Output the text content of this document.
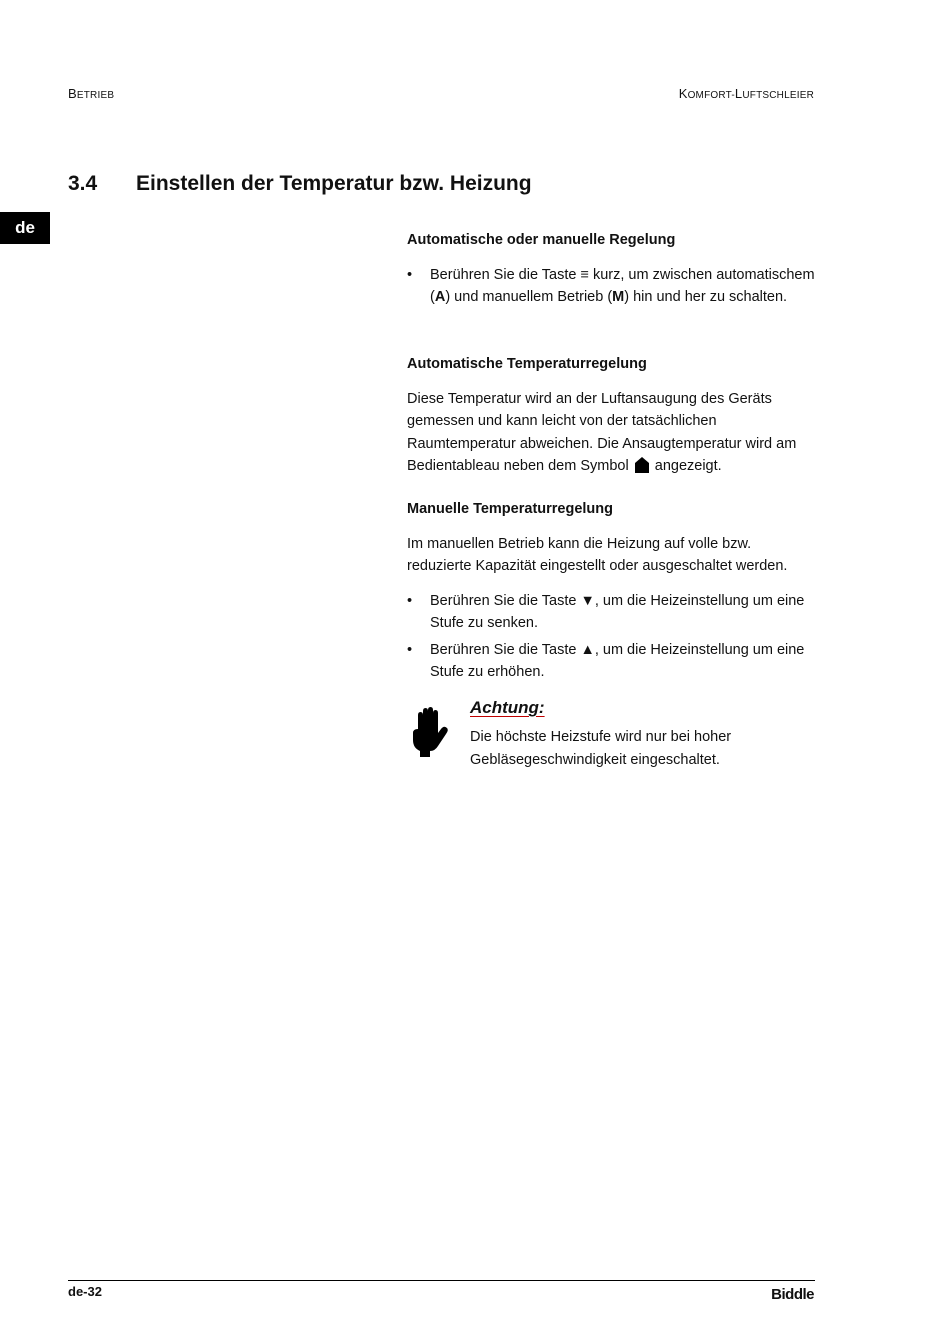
BETRIEB	KOMFORT-LUFTSCHLEIER
de
3.4 Einstellen der Temperatur bzw. Heizung

Automatische oder manuelle Regelung

• Berühren Sie die Taste ≡ kurz, um zwischen automatischem (A) und manuellem Betrieb (M) hin und her zu schalten.

Automatische Temperaturregelung

Diese Temperatur wird an der Luftansaugung des Geräts gemessen und kann leicht von der tatsächlichen Raumtemperatur abweichen. Die Ansaugtemperatur wird am Bedientableau neben dem Symbol angezeigt.

Manuelle Temperaturregelung

Im manuellen Betrieb kann die Heizung auf volle bzw. reduzierte Kapazität eingestellt oder ausgeschaltet werden.

• Berühren Sie die Taste ▼, um die Heizeinstellung um eine Stufe zu senken.
• Berühren Sie die Taste ▲, um die Heizeinstellung um eine Stufe zu erhöhen.
Achtung:
Die höchste Heizstufe wird nur bei hoher Gebläsegeschwindigkeit eingeschaltet.
de-32	Biddle
